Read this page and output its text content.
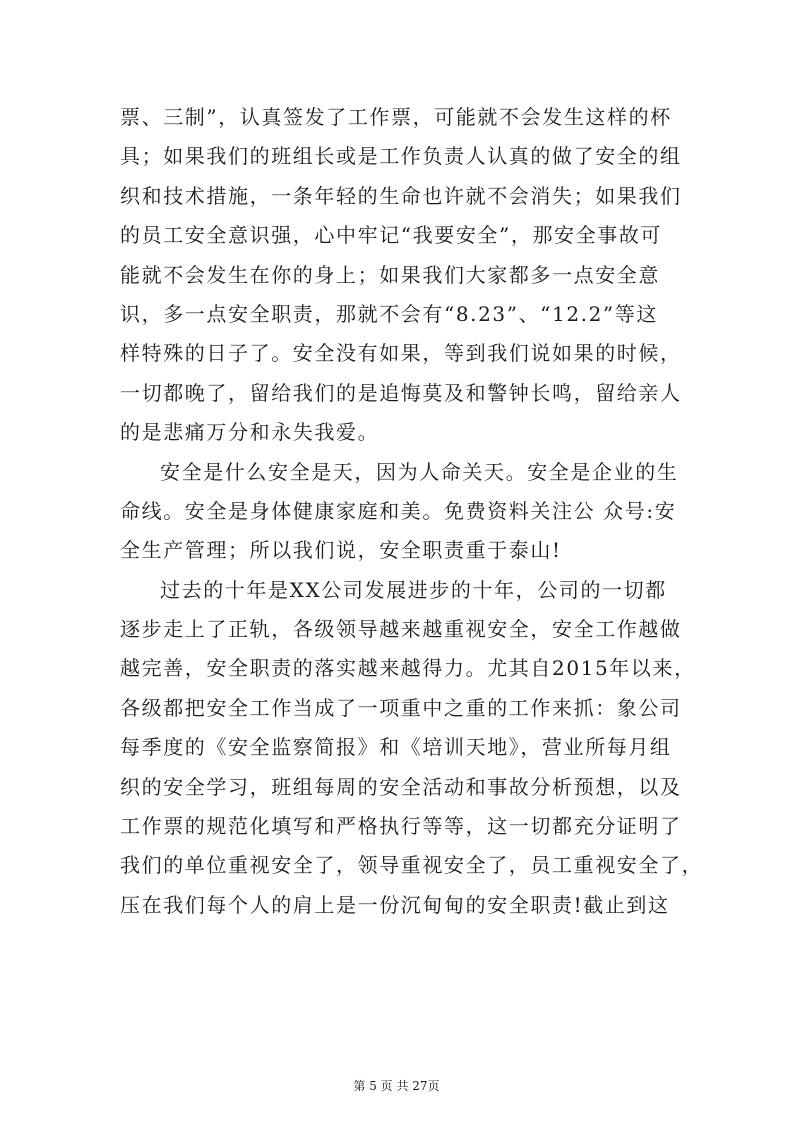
票、三制”，认真签发了工作票，可能就不会发生这样的杯
具；如果我们的班组长或是工作负责人认真的做了安全的组
织和技术措施，一条年轻的生命也许就不会消失；如果我们
的员工安全意识强，心中牢记“我要安全”，那安全事故可
能就不会发生在你的身上；如果我们大家都多一点安全意
识，多一点安全职责，那就不会有“8.23”、“12.2”等这
样特殊的日子了。安全没有如果，等到我们说如果的时候，
一切都晚了，留给我们的是追悔莫及和警钟长鸣，留给亲人
的是悲痛万分和永失我爱。
安全是什么安全是天，因为人命关天。安全是企业的生
命线。安全是身体健康家庭和美。免费资料关注公 众号:安
全生产管理；所以我们说，安全职责重于泰山!
过去的十年是XX公司发展进步的十年，公司的一切都
逐步走上了正轨，各级领导越来越重视安全，安全工作越做
越完善，安全职责的落实越来越得力。尤其自2015年以来，
各级都把安全工作当成了一项重中之重的工作来抓：象公司
每季度的《安全监察简报》和《培训天地》，营业所每月组
织的安全学习，班组每周的安全活动和事故分析预想，以及
工作票的规范化填写和严格执行等等，这一切都充分证明了
我们的单位重视安全了，领导重视安全了，员工重视安全了，
压在我们每个人的肩上是一份沉甸甸的安全职责!截止到这
第 5 页 共 27页
